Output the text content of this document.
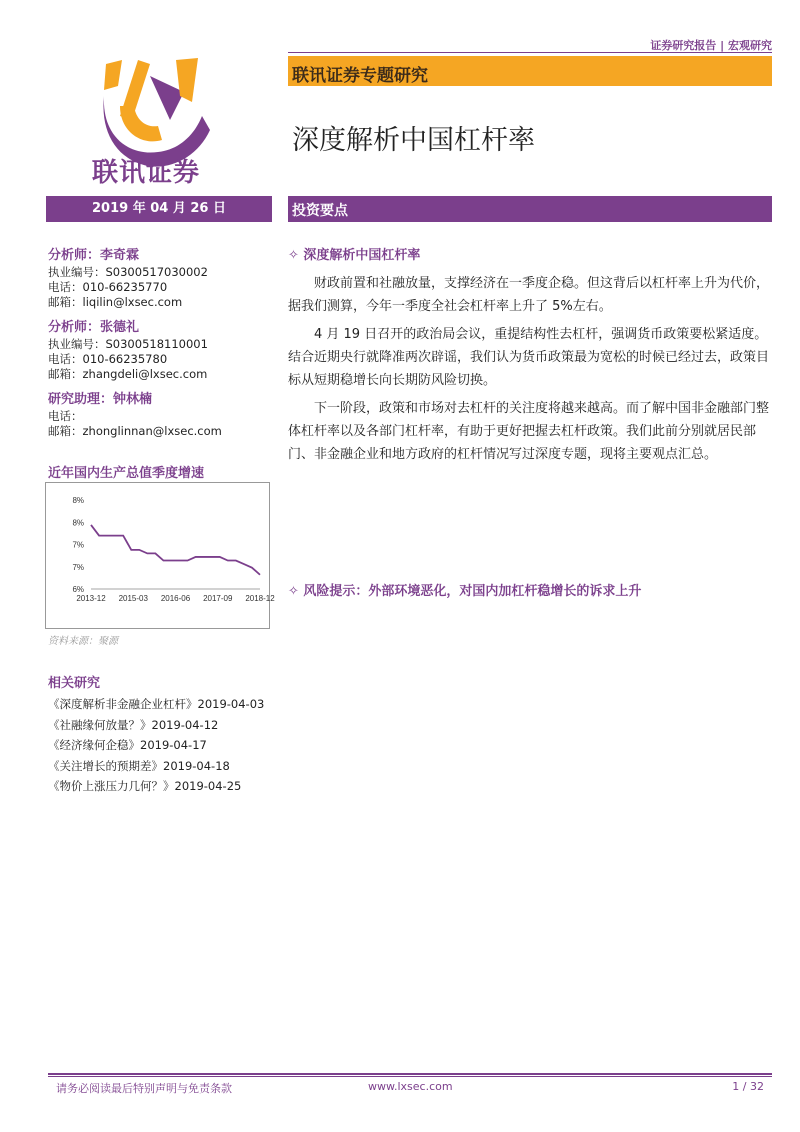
证券研究报告 | 宏观研究
联讯证券
联讯证券专题研究
深度解析中国杠杆率
2019 年 04 月 26 日	投资要点
分析师：李奇霖
执业编号：S0300517030002
电话：010-66235770
邮箱：liqilin@lxsec.com
分析师：张德礼
执业编号：S0300518110001
电话：010-66235780
邮箱：zhangdeli@lxsec.com
研究助理：钟林楠
电话：
邮箱：zhonglinnan@lxsec.com
近年国内生产总值季度增速
8%
8%
7%
7%
6%
2013-12 2015-03 2016-06 2017-09 2018-12
资料来源：聚源
相关研究
《深度解析非金融企业杠杆》2019-04-03
《社融缘何放量？》2019-04-12
《经济缘何企稳》2019-04-17
《关注增长的预期差》2019-04-18
《物价上涨压力几何？》2019-04-25
✧ 深度解析中国杠杆率
财政前置和社融放量，支撑经济在一季度企稳。但这背后以杠杆率上升为代价，据我们测算，今年一季度全社会杠杆率上升了 5%左右。
4 月 19 日召开的政治局会议，重提结构性去杠杆，强调货币政策要松紧适度。结合近期央行就降准两次辟谣，我们认为货币政策最为宽松的时候已经过去，政策目标从短期稳增长向长期防风险切换。
下一阶段，政策和市场对去杠杆的关注度将越来越高。而了解中国非金融部门整体杠杆率以及各部门杠杆率，有助于更好把握去杠杆政策。我们此前分别就居民部门、非金融企业和地方政府的杠杆情况写过深度专题，现将主要观点汇总。
✧ 风险提示：外部环境恶化，对国内加杠杆稳增长的诉求上升
请务必阅读最后特别声明与免责条款	www.lxsec.com	1 / 32
